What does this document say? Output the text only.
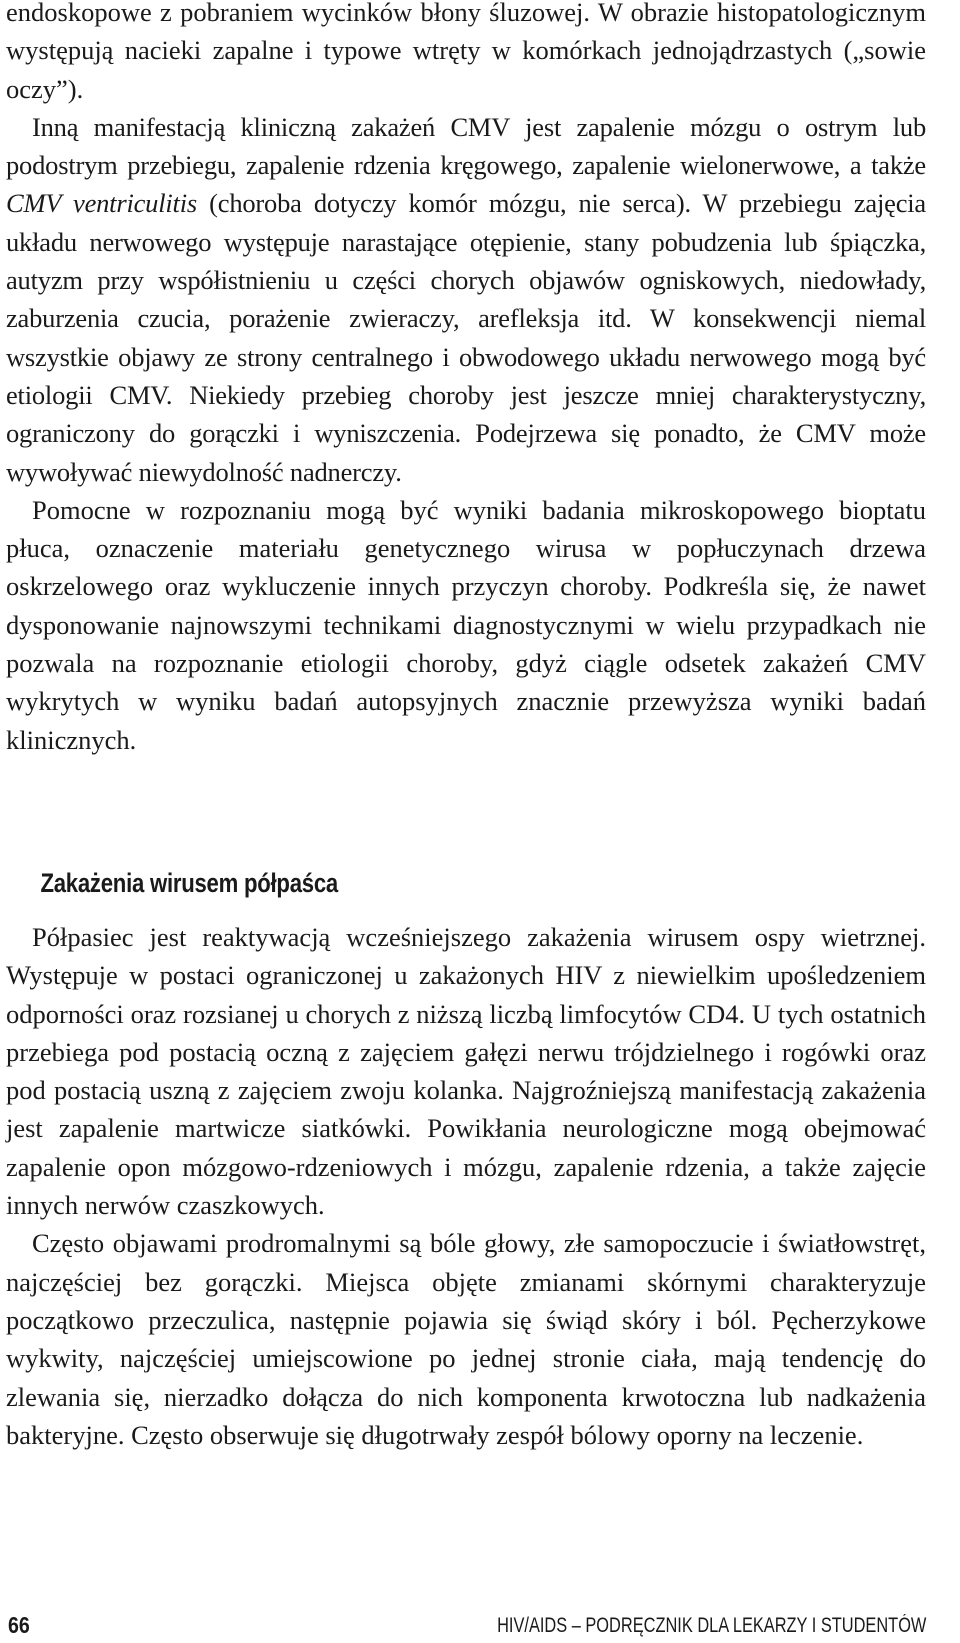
endoskopowe z pobraniem wycinków błony śluzowej. W obrazie histopatologicznym występują nacieki zapalne i typowe wtręty w komórkach jednojądrzastych („sowie oczy”).

Inną manifestacją kliniczną zakażeń CMV jest zapalenie mózgu o ostrym lub podostrym przebiegu, zapalenie rdzenia kręgowego, zapalenie wielonerwowe, a także CMV ventriculitis (choroba dotyczy komór mózgu, nie serca). W przebiegu zajęcia układu nerwowego występuje narastające otępienie, stany pobudzenia lub śpiączka, autyzm przy współistnieniu u części chorych objawów ogniskowych, niedowłady, zaburzenia czucia, porażenie zwieraczy, arefleksja itd. W konsekwencji niemal wszystkie objawy ze strony centralnego i obwodowego układu nerwowego mogą być etiologii CMV. Niekiedy przebieg choroby jest jeszcze mniej charakterystyczny, ograniczony do gorączki i wyniszczenia. Podejrzewa się ponadto, że CMV może wywoływać niewydolność nadnerczy.

Pomocne w rozpoznaniu mogą być wyniki badania mikroskopowego bioptatu płuca, oznaczenie materiału genetycznego wirusa w popłuczynach drzewa oskrzelowego oraz wykluczenie innych przyczyn choroby. Podkreśla się, że nawet dysponowanie najnowszymi technikami diagnostycznymi w wielu przypadkach nie pozwala na rozpoznanie etiologii choroby, gdyż ciągle odsetek zakażeń CMV wykrytych w wyniku badań autopsyjnych znacznie przewyższa wyniki badań klinicznych.

Zakażenia wirusem półpaśca

Półpasiec jest reaktywacją wcześniejszego zakażenia wirusem ospy wietrznej. Występuje w postaci ograniczonej u zakażonych HIV z niewielkim upośledzeniem odporności oraz rozsianej u chorych z niższą liczbą limfocytów CD4. U tych ostatnich przebiega pod postacią oczną z zajęciem gałęzi nerwu trójdzielnego i rogówki oraz pod postacią uszną z zajęciem zwoju kolanka. Najgroźniejszą manifestacją zakażenia jest zapalenie martwicze siatkówki. Powikłania neurologiczne mogą obejmować zapalenie opon mózgowo-rdzeniowych i mózgu, zapalenie rdzenia, a także zajęcie innych nerwów czaszkowych.

Często objawami prodromalnymi są bóle głowy, złe samopoczucie i światłowstręt, najczęściej bez gorączki. Miejsca objęte zmianami skórnymi charakteryzuje początkowo przeczulica, następnie pojawia się świąd skóry i ból. Pęcherzykowe wykwity, najczęściej umiejscowione po jednej stronie ciała, mają tendencję do zlewania się, nierzadko dołącza do nich komponenta krwotoczna lub nadkażenia bakteryjne. Często obserwuje się długotrwały zespół bólowy oporny na leczenie.

66	HIV/AIDS – PODRĘCZNIK DLA LEKARZY I STUDENTÓW
